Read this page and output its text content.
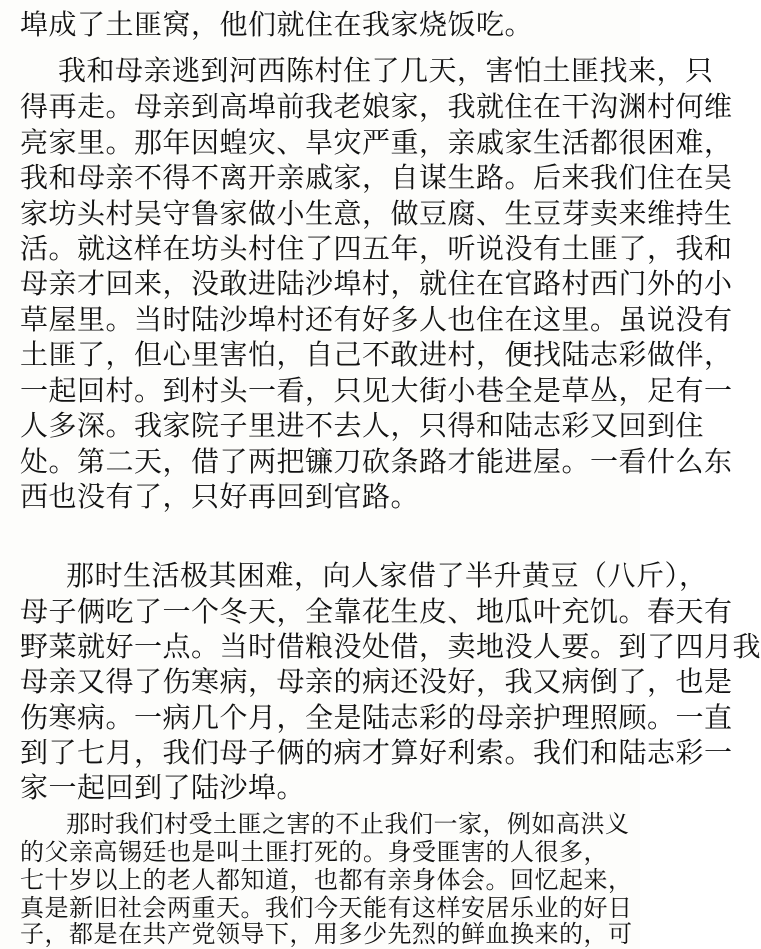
埠成了土匪窝，他们就住在我家烧饭吃。
我和母亲逃到河西陈村住了几天，害怕土匪找来，只
得再走。母亲到高埠前我老娘家，我就住在干沟渊村何维
亮家里。那年因蝗灾、旱灾严重，亲戚家生活都很困难，
我和母亲不得不离开亲戚家，自谋生路。后来我们住在吴
家坊头村吴守鲁家做小生意，做豆腐、生豆芽卖来维持生
活。就这样在坊头村住了四五年，听说没有土匪了，我和
母亲才回来，没敢进陆沙埠村，就住在官路村西门外的小
草屋里。当时陆沙埠村还有好多人也住在这里。虽说没有
土匪了，但心里害怕，自己不敢进村，便找陆志彩做伴，
一起回村。到村头一看，只见大街小巷全是草丛，足有一
人多深。我家院子里进不去人，只得和陆志彩又回到住
处。第二天，借了两把镰刀砍条路才能进屋。一看什么东
西也没有了，只好再回到官路。
那时生活极其困难，向人家借了半升黄豆（八斤），
母子俩吃了一个冬天，全靠花生皮、地瓜叶充饥。春天有
野菜就好一点。当时借粮没处借，卖地没人要。到了四月我
母亲又得了伤寒病，母亲的病还没好，我又病倒了，也是
伤寒病。一病几个月，全是陆志彩的母亲护理照顾。一直
到了七月，我们母子俩的病才算好利索。我们和陆志彩一
家一起回到了陆沙埠。
那时我们村受土匪之害的不止我们一家，例如高洪义
的父亲高锡廷也是叫土匪打死的。身受匪害的人很多，
七十岁以上的老人都知道，也都有亲身体会。回忆起来，
真是新旧社会两重天。我们今天能有这样安居乐业的好日
子，都是在共产党领导下，用多少先烈的鲜血换来的，可
